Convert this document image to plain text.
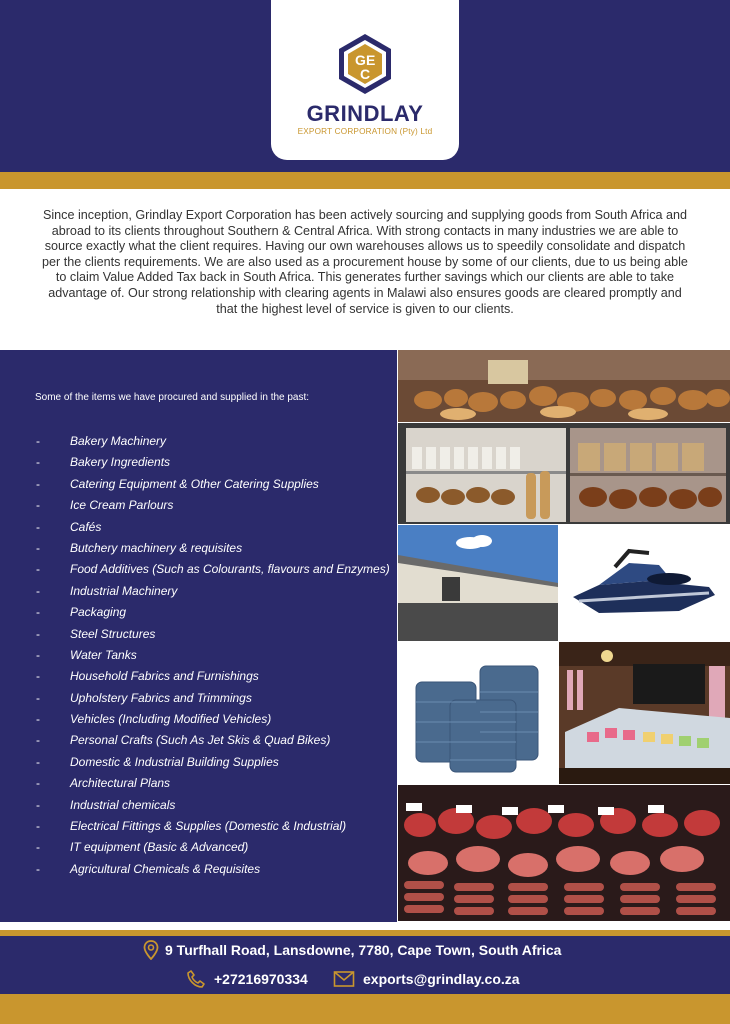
G E
C
GRINDLAY
EXPORT CORPORATION (Pty) Ltd

Since inception, Grindlay Export Corporation has been actively sourcing and supplying goods from South Africa and abroad to its clients throughout Southern & Central Africa. With strong contacts in many industries we are able to source exactly what the client requires. Having our own warehouses allows us to speedily consolidate and dispatch per the clients requirements. We are also used as a procurement house by some of our clients, due to us being able to claim Value Added Tax back in South Africa. This generates further savings which our clients are able to take advantage of. Our strong relationship with clearing agents in Malawi also ensures goods are cleared promptly and that the highest level of service is given to our clients.

Some of the items we have procured and supplied in the past:
-	Bakery Machinery
-	Bakery Ingredients
-	Catering Equipment & Other Catering Supplies
-	Ice Cream Parlours
-	Cafés
-	Butchery machinery & requisites
-	Food Additives (Such as Colourants, flavours and Enzymes)
-	Industrial Machinery
-	Packaging
-	Steel Structures
-	Water Tanks
-	Household Fabrics and Furnishings
-	Upholstery Fabrics and Trimmings
-	Vehicles (Including Modified Vehicles)
-	Personal Crafts (Such As Jet Skis & Quad Bikes)
-	Domestic & Industrial Building Supplies
-	Architectural Plans
-	Industrial chemicals
-	Electrical Fittings & Supplies (Domestic & Industrial)
-	IT equipment (Basic & Advanced)
-	Agricultural Chemicals & Requisites
9 Turfhall Road, Lansdowne, 7780, Cape Town, South Africa
+27216970334	exports@grindlay.co.za
